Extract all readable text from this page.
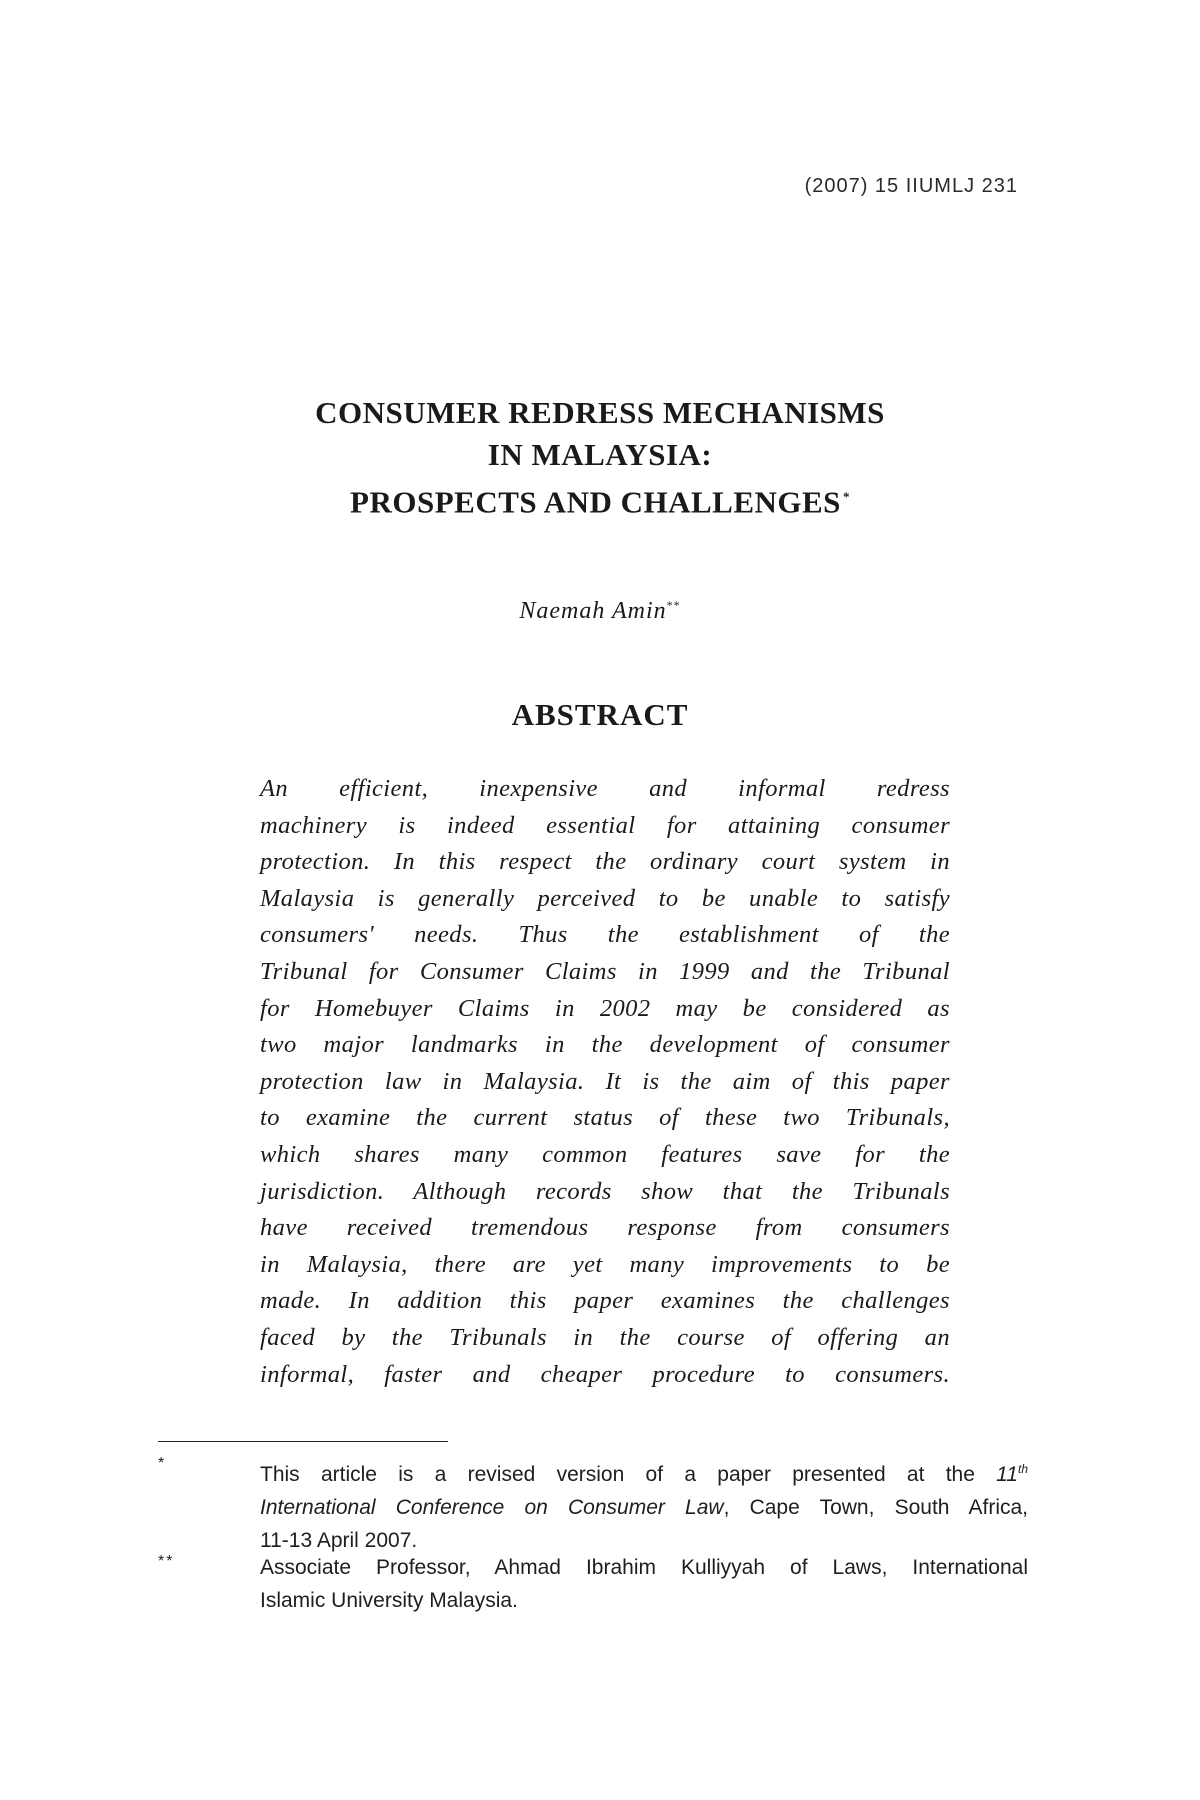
(2007) 15 IIUMLJ 231
CONSUMER REDRESS MECHANISMS
IN MALAYSIA:
PROSPECTS AND CHALLENGES *
Naemah Amin**
ABSTRACT
An efficient, inexpensive and informal redress
machinery is indeed essential for attaining consumer
protection. In this respect the ordinary court system in
Malaysia is generally perceived to be unable to satisfy
consumers' needs. Thus the establishment of the
Tribunal for Consumer Claims in 1999 and the Tribunal
for Homebuyer Claims in 2002 may be considered as
two major landmarks in the development of consumer
protection law in Malaysia. It is the aim of this paper
to examine the current status of these two Tribunals,
which shares many common features save for the
jurisdiction. Although records show that the Tribunals
have received tremendous response from consumers
in Malaysia, there are yet many improvements to be
made. In addition this paper examines the challenges
faced by the Tribunals in the course of offering an
informal, faster and cheaper procedure to consumers.
*	This article is a revised version of a paper presented at the 11th
International Conference on Consumer Law, Cape Town, South Africa,
11-13 April 2007.
**	Associate Professor, Ahmad Ibrahim Kulliyyah of Laws, International
Islamic University Malaysia.
